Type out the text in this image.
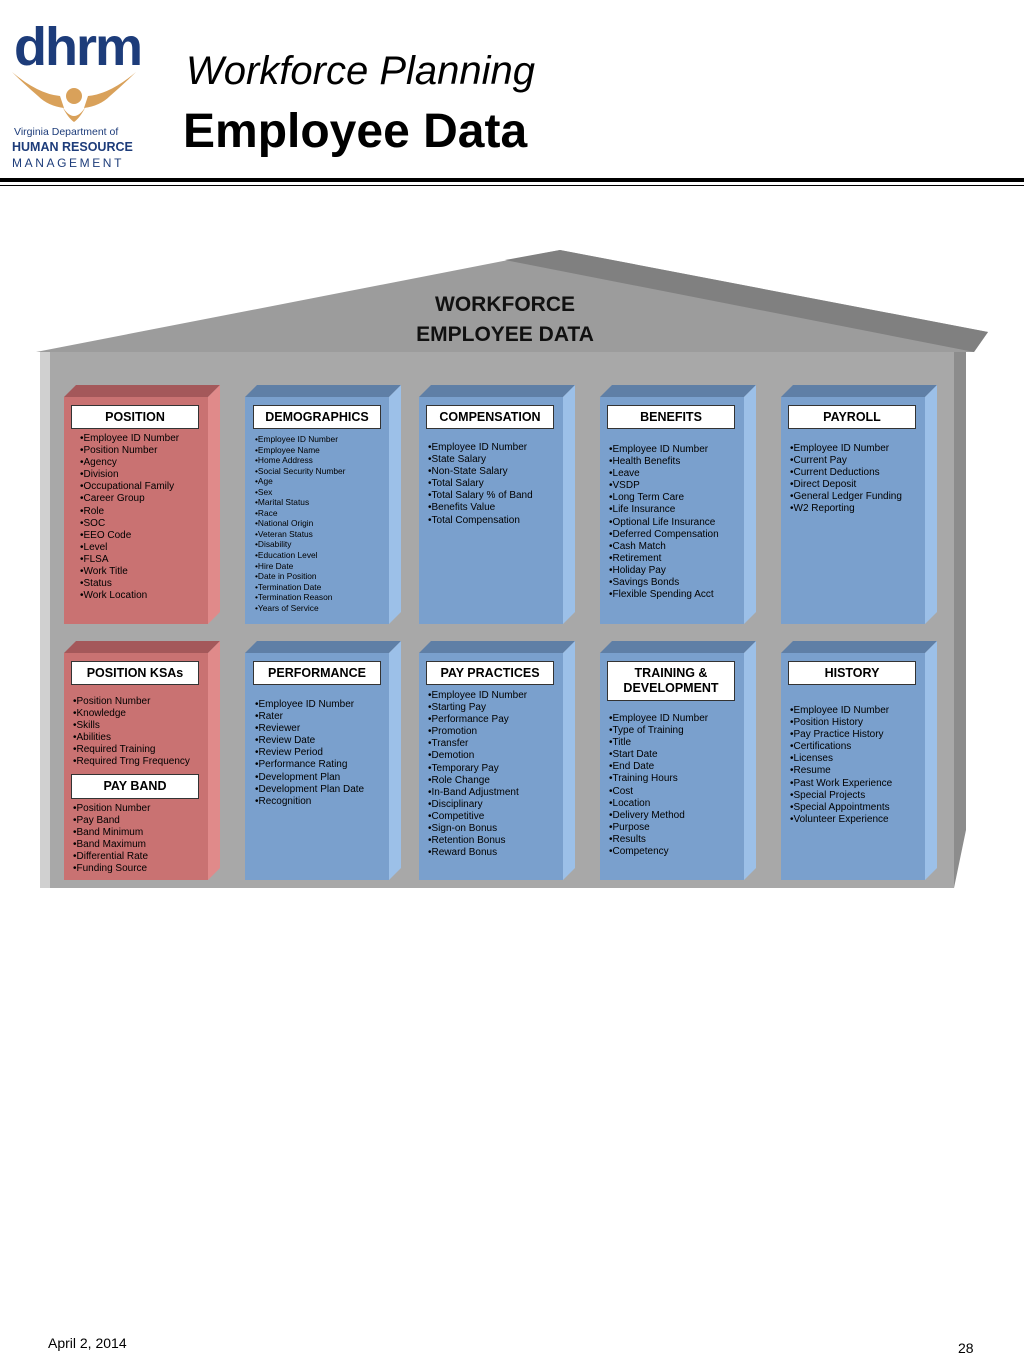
dhrm
Virginia Department of
HUMAN RESOURCE
MANAGEMENT
Workforce Planning
Employee Data
WORKFORCE
EMPLOYEE DATA
POSITION
•Employee ID Number
•Position Number
•Agency
•Division
•Occupational Family
•Career Group
•Role
•SOC
•EEO Code
•Level
•FLSA
•Work Title
•Status
•Work Location
DEMOGRAPHICS
•Employee ID Number
•Employee Name
•Home Address
•Social Security Number
•Age
•Sex
•Marital Status
•Race
•National Origin
•Veteran Status
•Disability
•Education Level
•Hire Date
•Date in Position
•Termination Date
•Termination Reason
•Years of Service
COMPENSATION
•Employee ID Number
•State Salary
•Non-State Salary
•Total Salary
•Total Salary % of Band
•Benefits Value
•Total Compensation
BENEFITS
•Employee ID Number
•Health Benefits
•Leave
•VSDP
•Long Term Care
•Life Insurance
•Optional Life Insurance
•Deferred Compensation
•Cash Match
•Retirement
•Holiday Pay
•Savings Bonds
•Flexible Spending Acct
PAYROLL
•Employee ID Number
•Current Pay
•Current Deductions
•Direct Deposit
•General Ledger Funding
•W2 Reporting
POSITION KSAs
•Position Number
•Knowledge
•Skills
•Abilities
•Required Training
•Required Trng Frequency
PAY BAND
•Position Number
•Pay Band
•Band Minimum
•Band Maximum
•Differential Rate
•Funding Source
PERFORMANCE
•Employee ID Number
•Rater
•Reviewer
•Review Date
•Review Period
•Performance Rating
•Development Plan
•Development Plan Date
•Recognition
PAY PRACTICES
•Employee ID Number
•Starting Pay
•Performance Pay
•Promotion
•Transfer
•Demotion
•Temporary Pay
•Role Change
•In-Band Adjustment
•Disciplinary
•Competitive
•Sign-on Bonus
•Retention Bonus
•Reward Bonus
TRAINING & DEVELOPMENT
•Employee ID Number
•Type of Training
•Title
•Start Date
•End Date
•Training Hours
•Cost
•Location
•Delivery Method
•Purpose
•Results
•Competency
HISTORY
•Employee ID Number
•Position History
•Pay Practice History
•Certifications
•Licenses
•Resume
•Past Work Experience
•Special Projects
•Special Appointments
•Volunteer Experience
April 2, 2014	28
